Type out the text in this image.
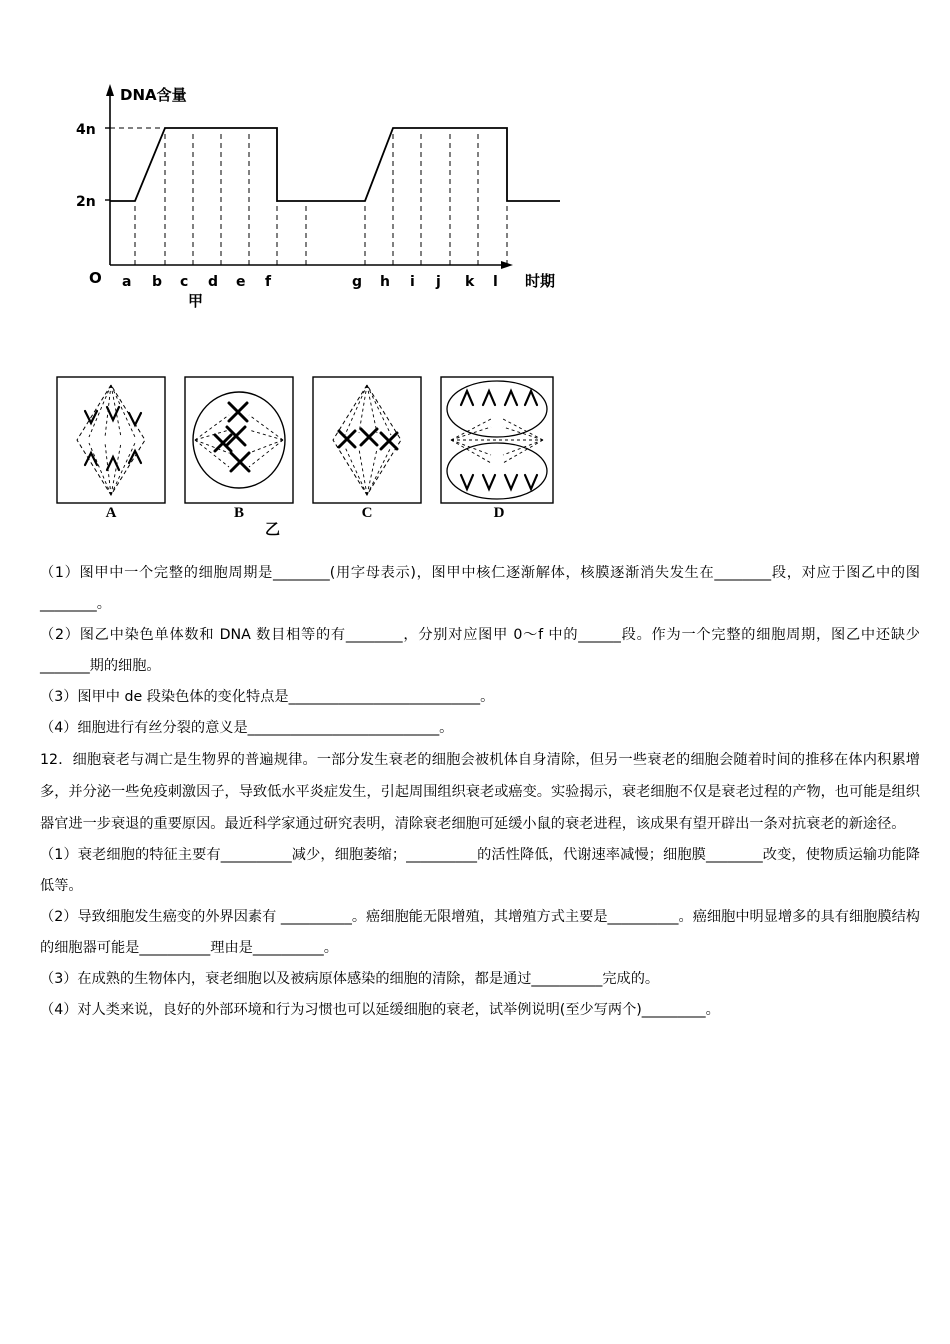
DNA含量
4n
2n
O a b c d e f	g h i j k l 时期
甲
A	B	C	D
乙

（1）图甲中一个完整的细胞周期是________(用字母表示)，图甲中核仁逐渐解体，核膜逐渐消失发生在________段，对应于图乙中的图________。

（2）图乙中染色单体数和 DNA 数目相等的有________，分别对应图甲 0～f 中的______段。作为一个完整的细胞周期，图乙中还缺少_______期的细胞。

（3）图甲中 de 段染色体的变化特点是___________________________。

（4）细胞进行有丝分裂的意义是___________________________。

12．细胞衰老与凋亡是生物界的普遍规律。一部分发生衰老的细胞会被机体自身清除，但另一些衰老的细胞会随着时间的推移在体内积累增多，并分泌一些免疫刺激因子，导致低水平炎症发生，引起周围组织衰老或癌变。实验揭示，衰老细胞不仅是衰老过程的产物，也可能是组织器官进一步衰退的重要原因。最近科学家通过研究表明，清除衰老细胞可延缓小鼠的衰老进程，该成果有望开辟出一条对抗衰老的新途径。

（1）衰老细胞的特征主要有__________减少，细胞萎缩；__________的活性降低，代谢速率减慢；细胞膜________改变，使物质运输功能降低等。

（2）导致细胞发生癌变的外界因素有 __________。癌细胞能无限增殖，其增殖方式主要是__________。癌细胞中明显增多的具有细胞膜结构的细胞器可能是__________理由是__________。

（3）在成熟的生物体内，衰老细胞以及被病原体感染的细胞的清除，都是通过__________完成的。

（4）对人类来说，良好的外部环境和行为习惯也可以延缓细胞的衰老，试举例说明(至少写两个)_________。
